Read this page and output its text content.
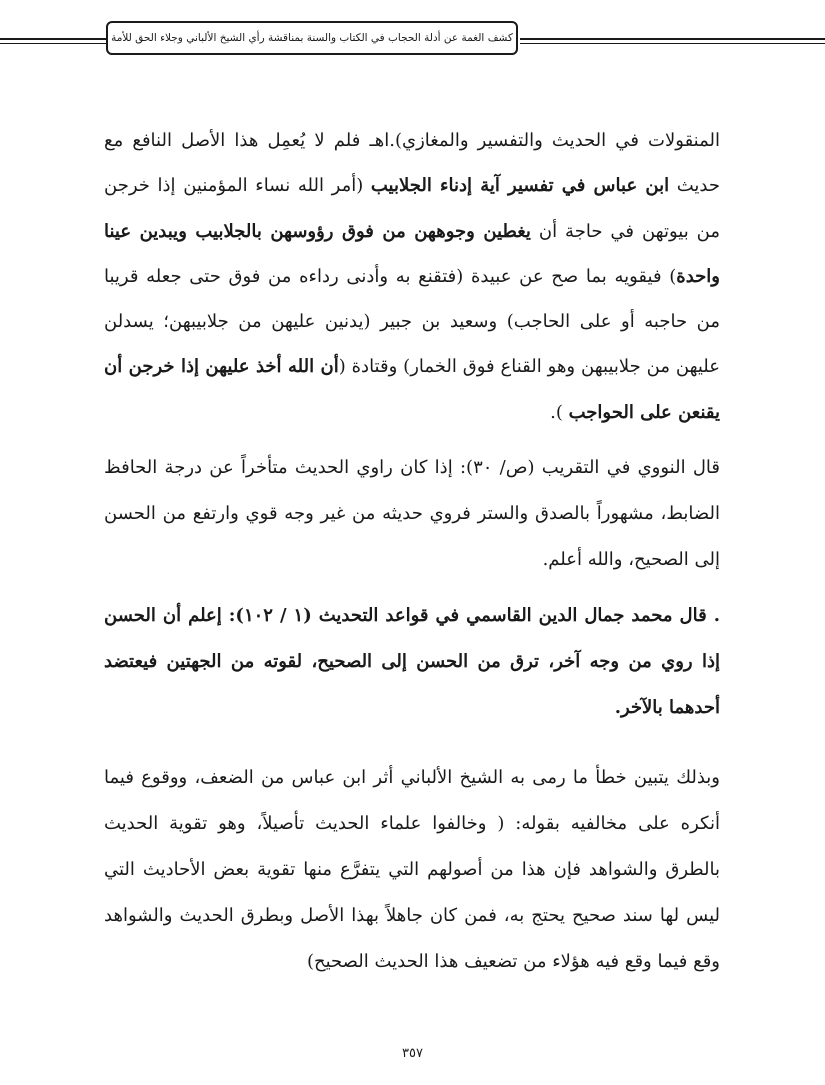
كشف الغمة عن أدلة الحجاب في الكتاب والسنة بمناقشة رأي الشيخ الألباني وجلاء الحق للأمة

المنقولات في الحديث والتفسير والمغازي).اهـ فلم لا يُعمِل هذا الأصل النافع مع حديث ابن عباس في تفسير آية إدناء الجلابيب (أمر الله نساء المؤمنين إذا خرجن من بيوتهن في حاجة أن يغطين وجوههن من فوق رؤوسهن بالجلابيب ويبدين عينا واحدة) فيقويه بما صح عن عبيدة (فتقنع به وأدنى رداءه من فوق حتى جعله قريبا من حاجبه أو على الحاجب) وسعيد بن جبير (يدنين عليهن من جلابيبهن؛ يسدلن عليهن من جلابيبهن وهو القناع فوق الخمار) وقتادة (أن الله أخذ عليهن إذا خرجن أن يقنعن على الحواجب ).

قال النووي في التقريب (ص/ ٣٠): إذا كان راوي الحديث متأخراً عن درجة الحافظ الضابط، مشهوراً بالصدق والستر فروي حديثه من غير وجه قوي وارتفع من الحسن إلى الصحيح، والله أعلم.

. قال محمد جمال الدين القاسمي في قواعد التحديث (١ / ١٠٢): إعلم أن الحسن إذا روي من وجه آخر، ترق من الحسن إلى الصحيح، لقوته من الجهتين فيعتضد أحدهما بالآخر.

وبذلك يتبين خطأ ما رمى به الشيخ الألباني أثر ابن عباس من الضعف، ووقوع فيما أنكره على مخالفيه بقوله: ( وخالفوا علماء الحديث تأصيلاً، وهو تقوية الحديث بالطرق والشواهد فإن هذا من أصولهم التي يتفرَّع منها تقوية بعض الأحاديث التي ليس لها سند صحيح يحتج به، فمن كان جاهلاً بهذا الأصل وبطرق الحديث والشواهد وقع فيما وقع فيه هؤلاء من تضعيف هذا الحديث الصحيح)

٣٥٧
